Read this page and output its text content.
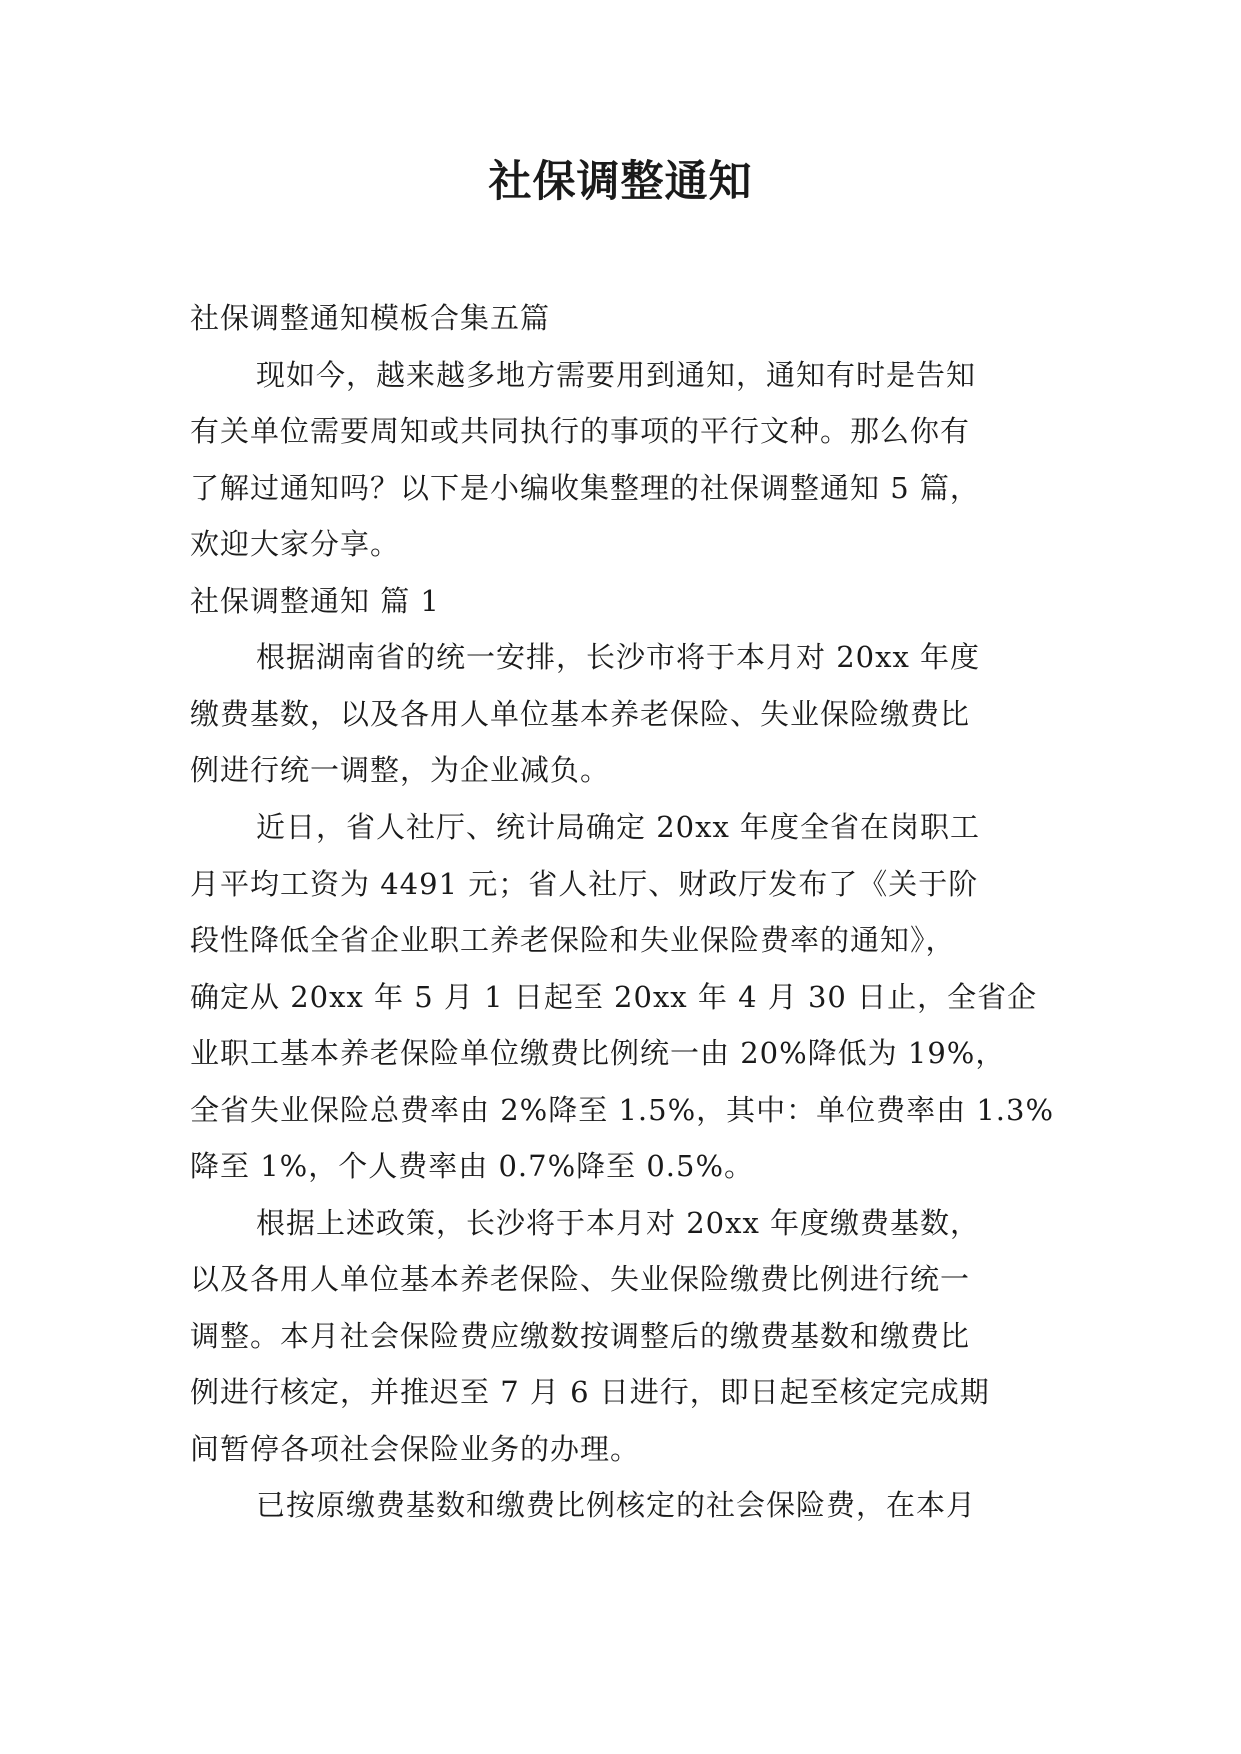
社保调整通知
社保调整通知模板合集五篇
现如今，越来越多地方需要用到通知，通知有时是告知
有关单位需要周知或共同执行的事项的平行文种。那么你有
了解过通知吗？以下是小编收集整理的社保调整通知 5 篇，
欢迎大家分享。
社保调整通知 篇 1
根据湖南省的统一安排，长沙市将于本月对 20xx 年度
缴费基数，以及各用人单位基本养老保险、失业保险缴费比
例进行统一调整，为企业减负。
近日，省人社厅、统计局确定 20xx 年度全省在岗职工
月平均工资为 4491 元；省人社厅、财政厅发布了《关于阶
段性降低全省企业职工养老保险和失业保险费率的通知》，
确定从 20xx 年 5 月 1 日起至 20xx 年 4 月 30 日止，全省企
业职工基本养老保险单位缴费比例统一由 20%降低为 19%，
全省失业保险总费率由 2%降至 1.5%，其中：单位费率由 1.3%
降至 1%，个人费率由 0.7%降至 0.5%。
根据上述政策，长沙将于本月对 20xx 年度缴费基数，
以及各用人单位基本养老保险、失业保险缴费比例进行统一
调整。本月社会保险费应缴数按调整后的缴费基数和缴费比
例进行核定，并推迟至 7 月 6 日进行，即日起至核定完成期
间暂停各项社会保险业务的办理。
已按原缴费基数和缴费比例核定的社会保险费，在本月
